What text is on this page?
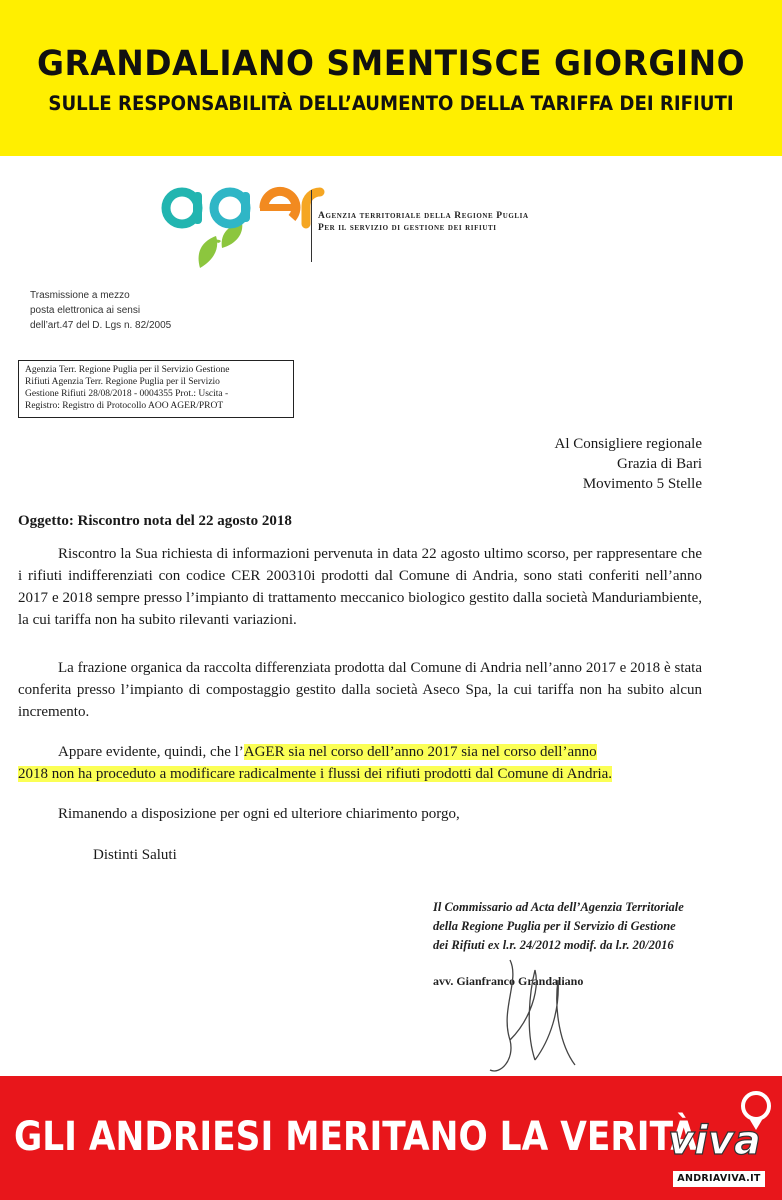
GRANDALIANO SMENTISCE GIORGINO
SULLE RESPONSABILITÀ DELL’AUMENTO DELLA TARIFFA DEI RIFIUTI
Agenzia territoriale della Regione Puglia
Per il servizio di gestione dei rifiuti
Trasmissione a mezzo
posta elettronica ai sensi
dell’art.47 del D. Lgs n. 82/2005
Agenzia Terr. Regione Puglia per il Servizio Gestione
Rifiuti Agenzia Terr. Regione Puglia per il Servizio
Gestione Rifiuti 28/08/2018 - 0004355 Prot.: Uscita -
Registro: Registro di Protocollo AOO AGER/PROT
Al Consigliere regionale
Grazia di Bari
Movimento 5 Stelle
Oggetto: Riscontro nota del 22 agosto 2018
Riscontro la Sua richiesta di informazioni pervenuta in data 22 agosto ultimo scorso, per rappresentare che i rifiuti indifferenziati con codice CER 200310i prodotti dal Comune di Andria, sono stati conferiti nell’anno 2017 e 2018 sempre presso l’impianto di trattamento meccanico biologico gestito dalla società Manduriambiente, la cui tariffa non ha subito rilevanti variazioni.
La frazione organica da raccolta differenziata prodotta dal Comune di Andria nell’anno 2017 e 2018 è stata conferita presso l’impianto di compostaggio gestito dalla società Aseco Spa, la cui tariffa non ha subito alcun incremento.
Appare evidente, quindi, che l’AGER sia nel corso dell’anno 2017 sia nel corso dell’anno
2018 non ha proceduto a modificare radicalmente i flussi dei rifiuti prodotti dal Comune di Andria.
Rimanendo a disposizione per ogni ed ulteriore chiarimento porgo,
Distinti Saluti
Il Commissario ad Acta dell’Agenzia Territoriale
della Regione Puglia per il Servizio di Gestione
dei Rifiuti ex l.r. 24/2012 modif. da l.r. 20/2016
avv. Gianfranco Grandaliano
GLI ANDRIESI MERITANO LA VERITÀ
viva
ANDRIAVIVA.IT
